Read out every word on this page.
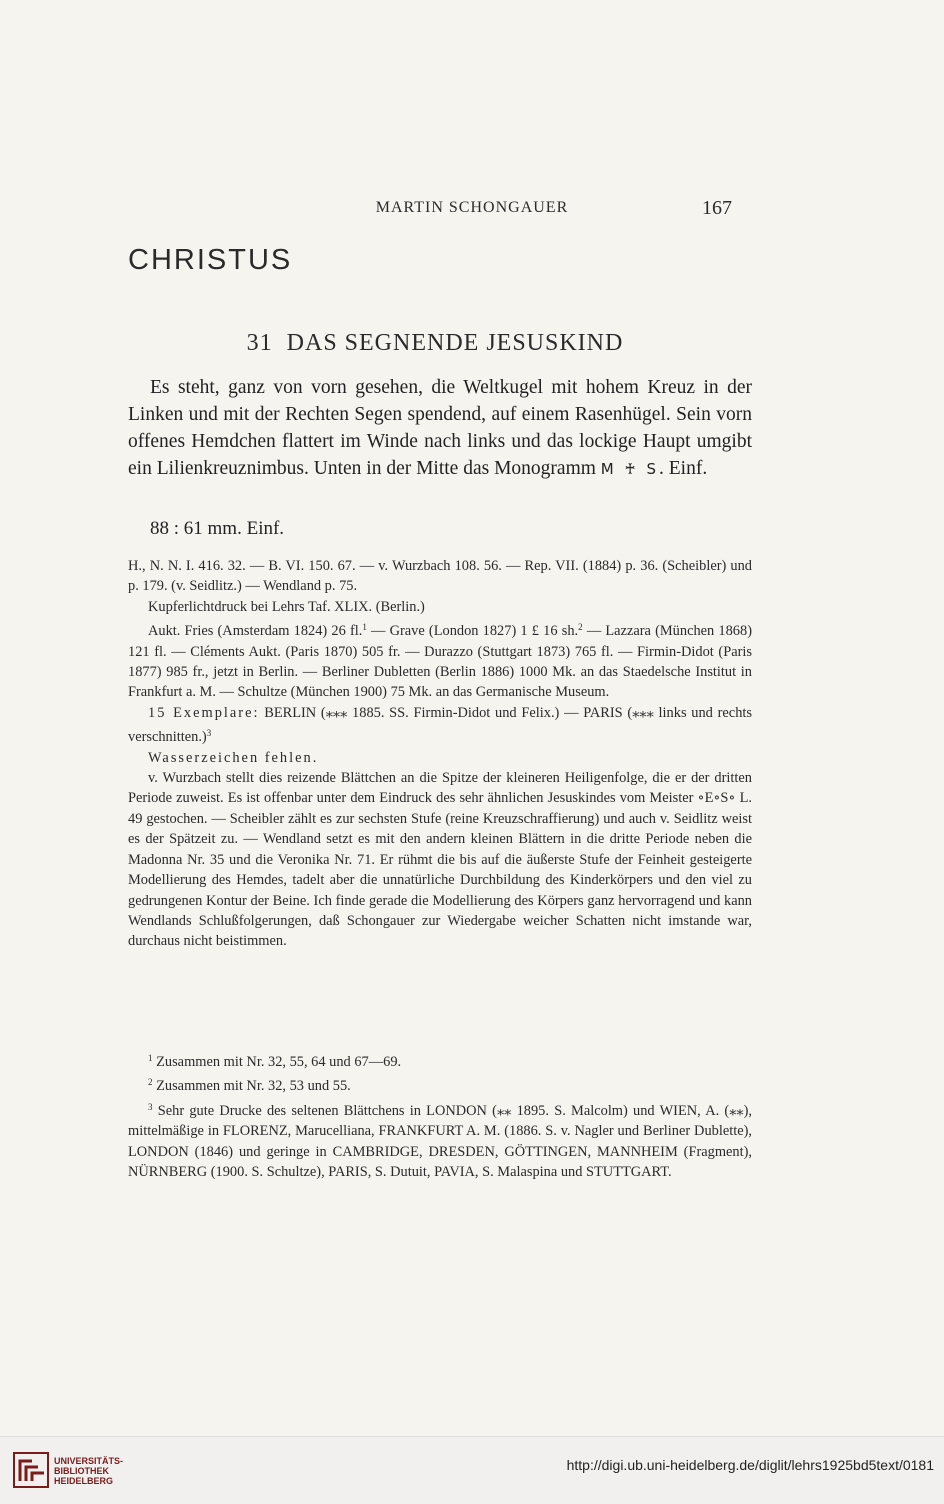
MARTIN SCHONGAUER	167
CHRISTUS
31  DAS SEGNENDE JESUSKIND
Es steht, ganz von vorn gesehen, die Weltkugel mit hohem Kreuz in der Linken und mit der Rechten Segen spendend, auf einem Rasenhügel. Sein vorn offenes Hemdchen flattert im Winde nach links und das lockige Haupt umgibt ein Lilienkreuznimbus. Unten in der Mitte das Monogramm M ♰ S. Einf.
88 : 61 mm. Einf.

H., N. N. I. 416. 32. — B. VI. 150. 67. — v. Wurzbach 108. 56. — Rep. VII. (1884) p. 36. (Scheibler) und p. 179. (v. Seidlitz.) — Wendland p. 75.

Kupferlichtdruck bei Lehrs Taf. XLIX. (Berlin.)

Aukt. Fries (Amsterdam 1824) 26 fl.$^1$ — Grave (London 1827) 1 £ 16 sh.$^2$ — Lazzara (München 1868) 121 fl. — Cléments Aukt. (Paris 1870) 505 fr. — Durazzo (Stuttgart 1873) 765 fl. — Firmin-Didot (Paris 1877) 985 fr., jetzt in Berlin. — Berliner Dubletten (Berlin 1886) 1000 Mk. an das Staedelsche Institut in Frankfurt a. M. — Schultze (München 1900) 75 Mk. an das Germanische Museum.

15 Exemplare: BERLIN (⁎⁎⁎ 1885. SS. Firmin-Didot und Felix.) — PARIS (⁎⁎⁎ links und rechts verschnitten.)$^3$

Wasserzeichen fehlen.

v. Wurzbach stellt dies reizende Blättchen an die Spitze der kleineren Heiligenfolge, die er der dritten Periode zuweist. Es ist offenbar unter dem Eindruck des sehr ähnlichen Jesuskindes vom Meister ∘E∘S∘ L. 49 gestochen. — Scheibler zählt es zur sechsten Stufe (reine Kreuzschraffierung) und auch v. Seidlitz weist es der Spätzeit zu. — Wendland setzt es mit den andern kleinen Blättern in die dritte Periode neben die Madonna Nr. 35 und die Veronika Nr. 71. Er rühmt die bis auf die äußerste Stufe der Feinheit gesteigerte Modellierung des Hemdes, tadelt aber die unnatürliche Durchbildung des Kinderkörpers und den viel zu gedrungenen Kontur der Beine. Ich finde gerade die Modellierung des Körpers ganz hervorragend und kann Wendlands Schlußfolgerungen, daß Schongauer zur Wiedergabe weicher Schatten nicht imstande war, durchaus nicht beistimmen.

$^1$ Zusammen mit Nr. 32, 55, 64 und 67—69.

$^2$ Zusammen mit Nr. 32, 53 und 55.

$^3$ Sehr gute Drucke des seltenen Blättchens in LONDON (⁎⁎ 1895. S. Malcolm) und WIEN, A. (⁎⁎), mittelmäßige in FLORENZ, Marucelliana, FRANKFURT A. M. (1886. S. v. Nagler und Berliner Dublette), LONDON (1846) und geringe in CAMBRIDGE, DRESDEN, GÖTTINGEN, MANNHEIM (Fragment), NÜRNBERG (1900. S. Schultze), PARIS, S. Dutuit, PAVIA, S. Malaspina und STUTTGART.

UNIVERSITÄTS-
BIBLIOTHEK
HEIDELBERG
http://digi.ub.uni-heidelberg.de/diglit/lehrs1925bd5text/0181
